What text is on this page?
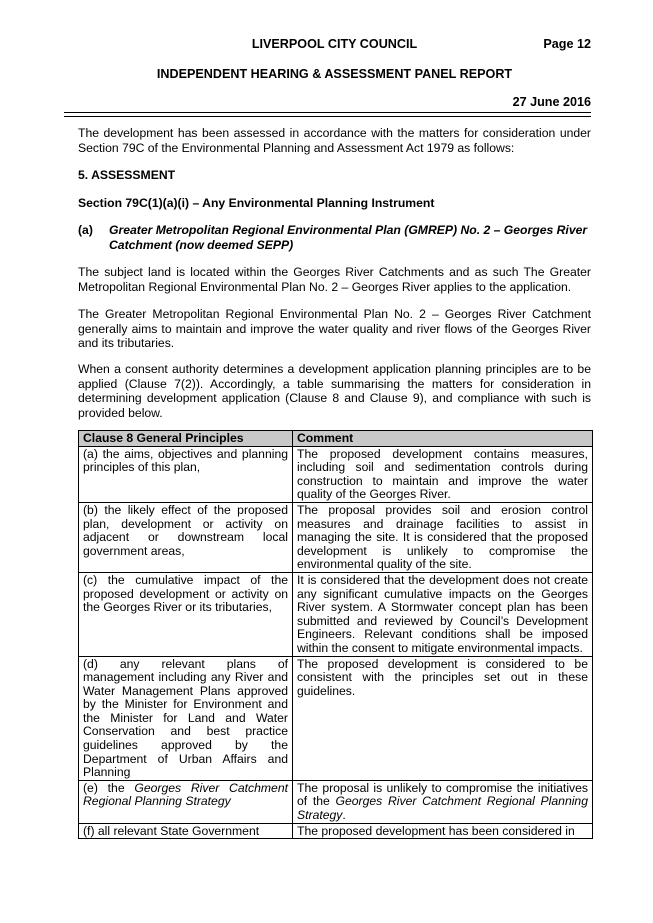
LIVERPOOL CITY COUNCIL	Page 12
INDEPENDENT HEARING & ASSESSMENT PANEL REPORT
27 June 2016
The development has been assessed in accordance with the matters for consideration under Section 79C of the Environmental Planning and Assessment Act 1979 as follows:
5. ASSESSMENT
Section 79C(1)(a)(i) – Any Environmental Planning Instrument
(a) Greater Metropolitan Regional Environmental Plan (GMREP) No. 2 – Georges River Catchment (now deemed SEPP)
The subject land is located within the Georges River Catchments and as such The Greater Metropolitan Regional Environmental Plan No. 2 – Georges River applies to the application.
The Greater Metropolitan Regional Environmental Plan No. 2 – Georges River Catchment generally aims to maintain and improve the water quality and river flows of the Georges River and its tributaries.
When a consent authority determines a development application planning principles are to be applied (Clause 7(2)). Accordingly, a table summarising the matters for consideration in determining development application (Clause 8 and Clause 9), and compliance with such is provided below.
Clause 8 General Principles	Comment
(a) the aims, objectives and planning principles of this plan,	The proposed development contains measures, including soil and sedimentation controls during construction to maintain and improve the water quality of the Georges River.
(b) the likely effect of the proposed plan, development or activity on adjacent or downstream local government areas,	The proposal provides soil and erosion control measures and drainage facilities to assist in managing the site. It is considered that the proposed development is unlikely to compromise the environmental quality of the site.
(c) the cumulative impact of the proposed development or activity on the Georges River or its tributaries,	It is considered that the development does not create any significant cumulative impacts on the Georges River system. A Stormwater concept plan has been submitted and reviewed by Council’s Development Engineers. Relevant conditions shall be imposed within the consent to mitigate environmental impacts.
(d) any relevant plans of management including any River and Water Management Plans approved by the Minister for Environment and the Minister for Land and Water Conservation and best practice guidelines approved by the Department of Urban Affairs and Planning	The proposed development is considered to be consistent with the principles set out in these guidelines.
(e) the Georges River Catchment Regional Planning Strategy	The proposal is unlikely to compromise the initiatives of the Georges River Catchment Regional Planning Strategy.
(f) all relevant State Government	The proposed development has been considered in
